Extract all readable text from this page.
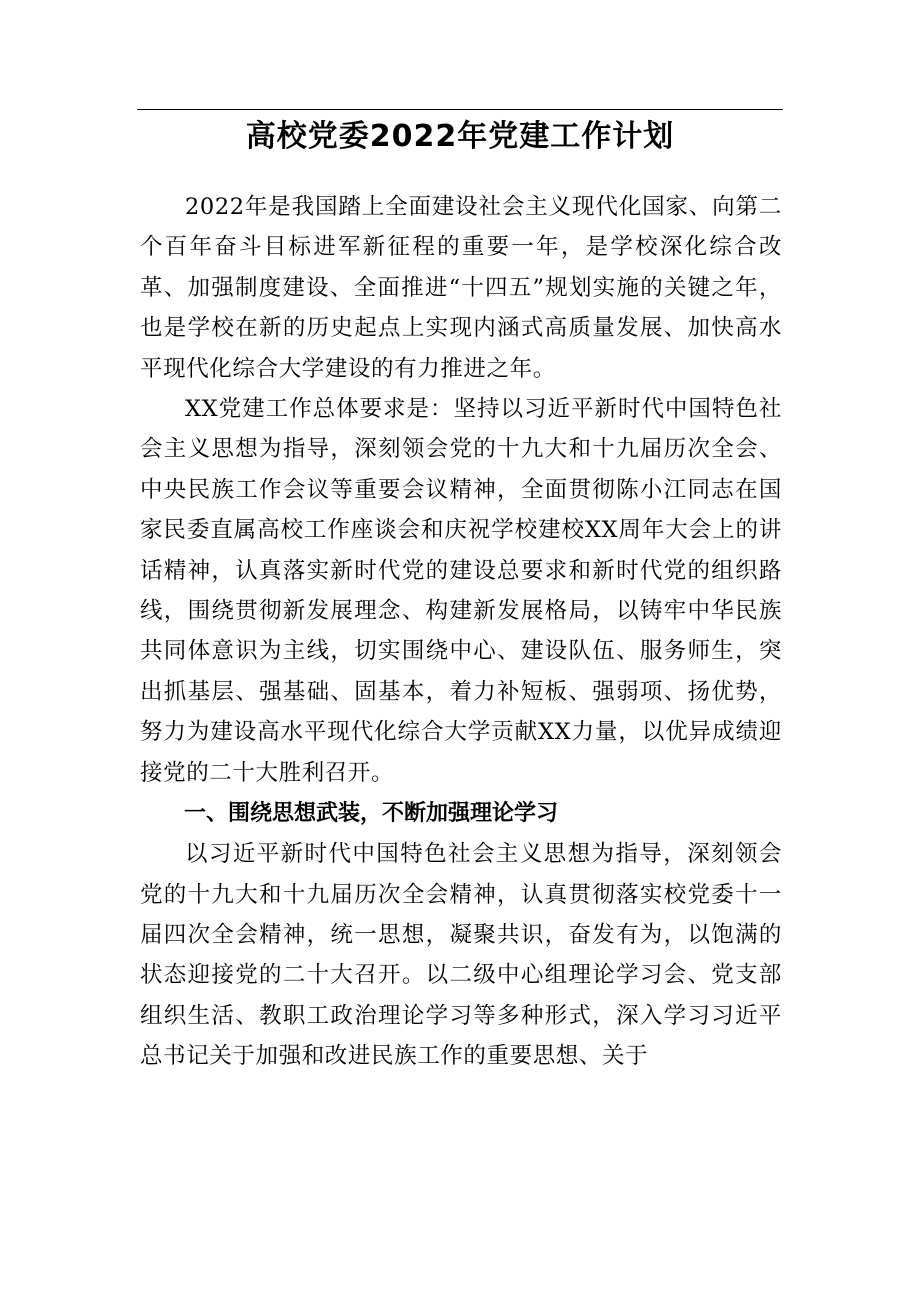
高校党委2022年党建工作计划

2022年是我国踏上全面建设社会主义现代化国家、向第二个百年奋斗目标进军新征程的重要一年，是学校深化综合改革、加强制度建设、全面推进“十四五”规划实施的关键之年，也是学校在新的历史起点上实现内涵式高质量发展、加快高水平现代化综合大学建设的有力推进之年。

XX党建工作总体要求是：坚持以习近平新时代中国特色社会主义思想为指导，深刻领会党的十九大和十九届历次全会、中央民族工作会议等重要会议精神，全面贯彻陈小江同志在国家民委直属高校工作座谈会和庆祝学校建校XX周年大会上的讲话精神，认真落实新时代党的建设总要求和新时代党的组织路线，围绕贯彻新发展理念、构建新发展格局，以铸牢中华民族共同体意识为主线，切实围绕中心、建设队伍、服务师生，突出抓基层、强基础、固基本，着力补短板、强弱项、扬优势，努力为建设高水平现代化综合大学贡献XX力量，以优异成绩迎接党的二十大胜利召开。

一、围绕思想武装，不断加强理论学习

以习近平新时代中国特色社会主义思想为指导，深刻领会党的十九大和十九届历次全会精神，认真贯彻落实校党委十一届四次全会精神，统一思想，凝聚共识，奋发有为，以饱满的状态迎接党的二十大召开。以二级中心组理论学习会、党支部组织生活、教职工政治理论学习等多种形式，深入学习习近平总书记关于加强和改进民族工作的重要思想、关于
